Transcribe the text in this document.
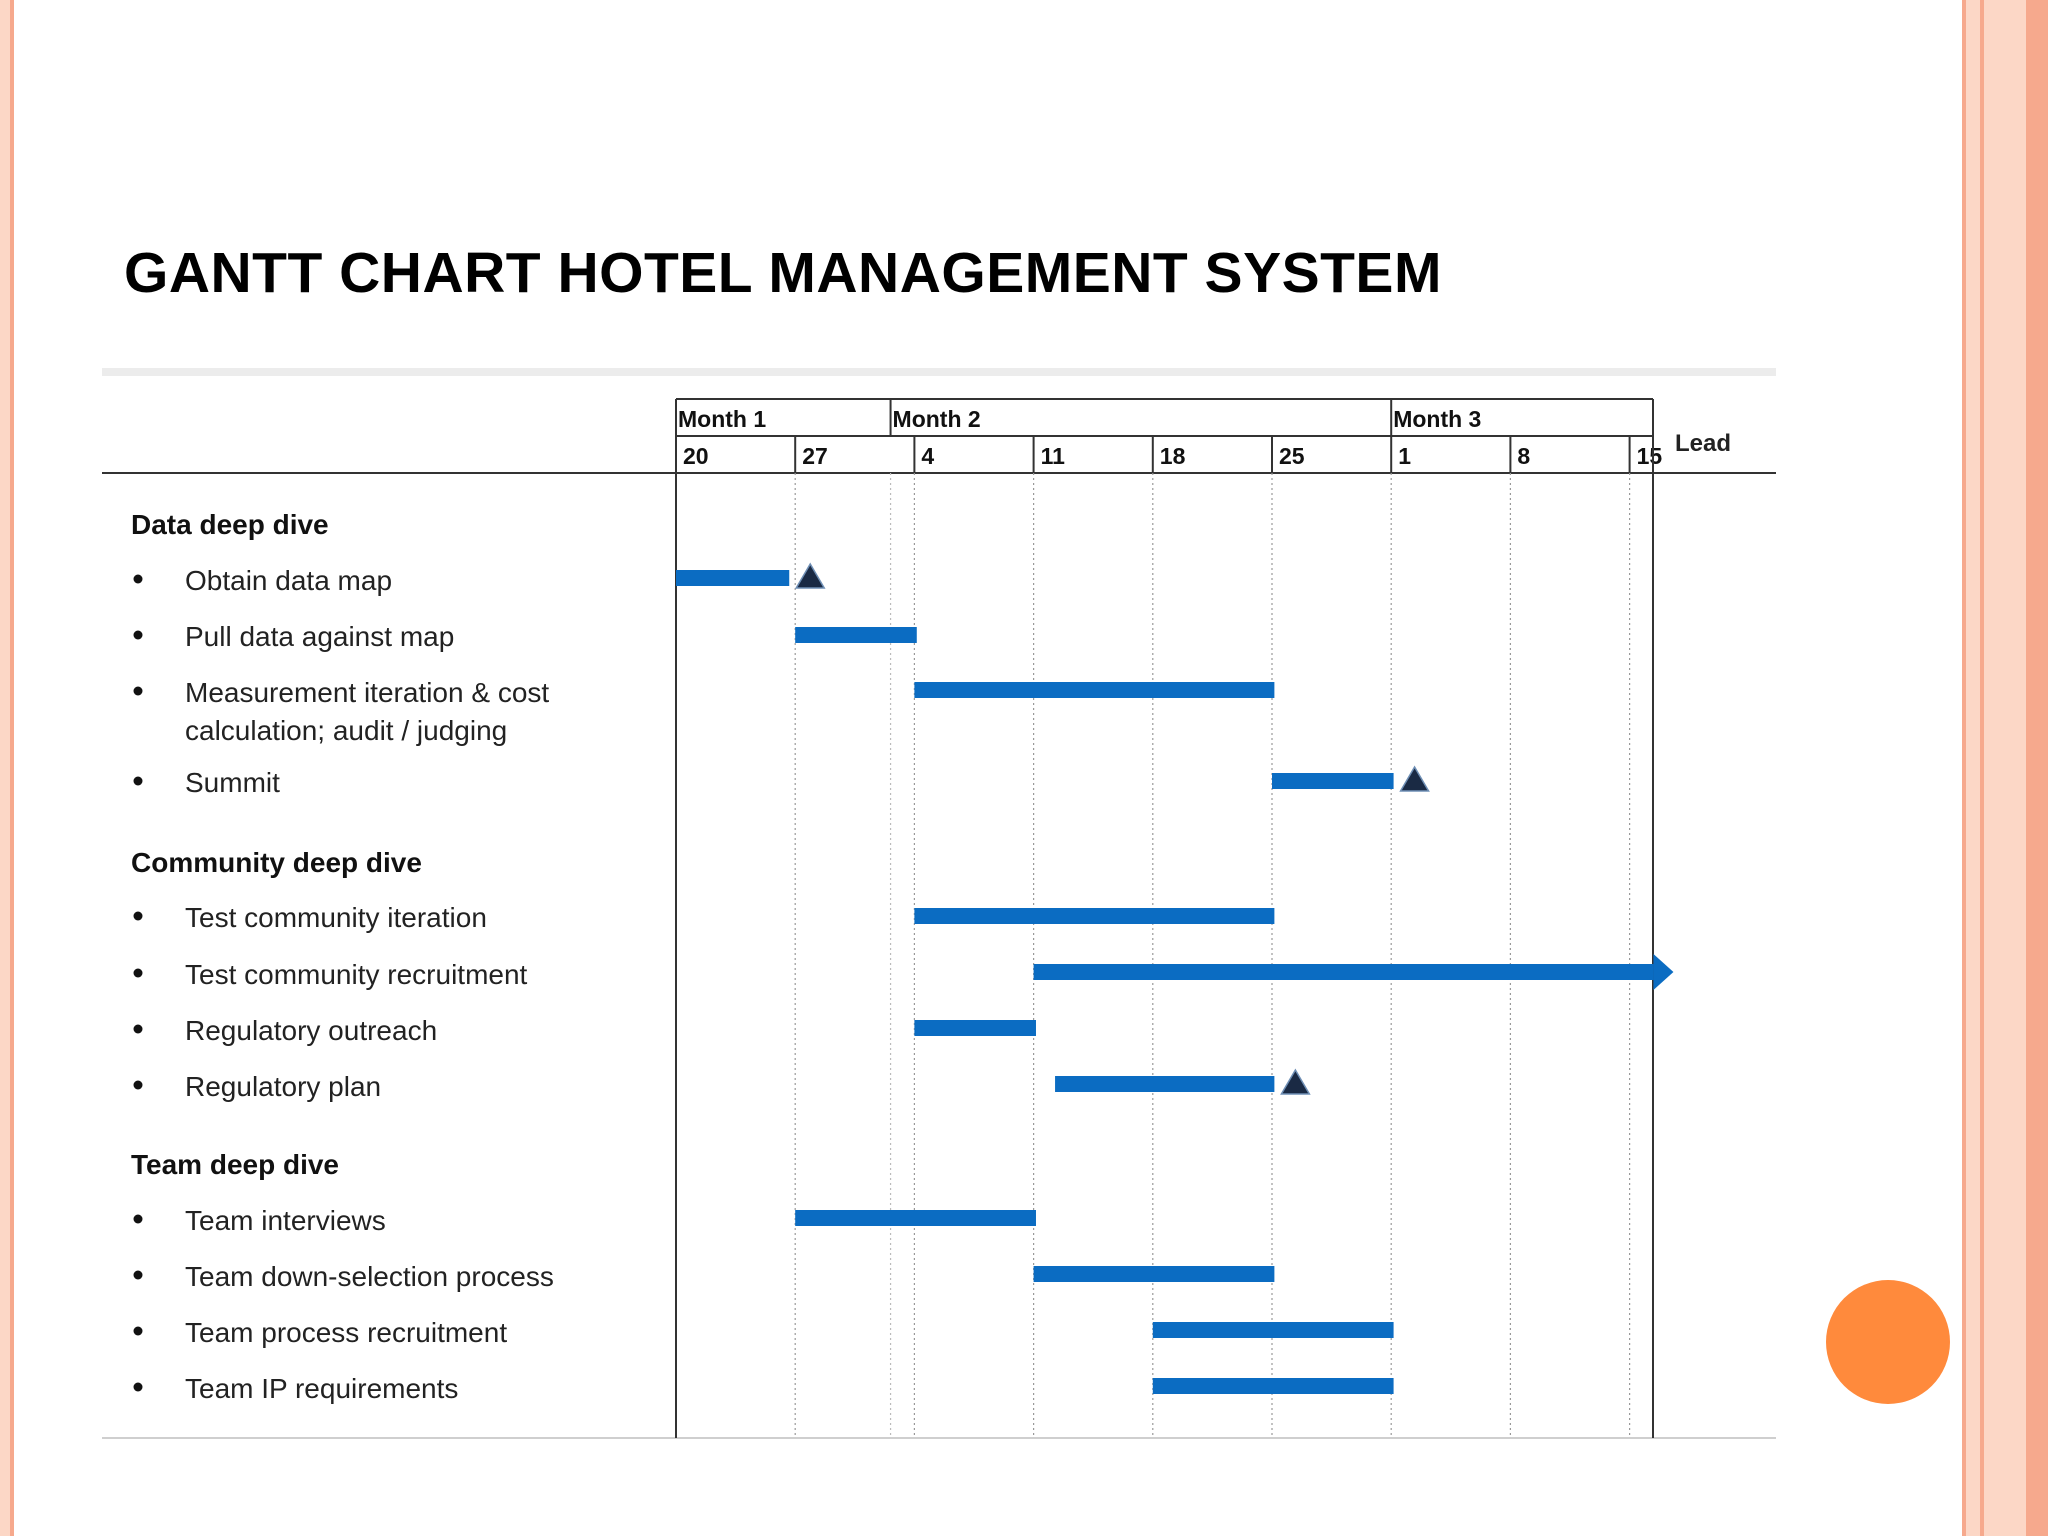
GANTT CHART HOTEL MANAGEMENT SYSTEM
Month 1	Month 2	Month 3
20	27	4	11	18	25	1	8	15 Lead
Data deep dive
Obtain data map
Pull data against map
Measurement iteration & cost
calculation; audit / judging
Summit
Community deep dive
Test community iteration
Test community recruitment
Regulatory outreach
Regulatory plan
Team deep dive
Team interviews
Team down-selection process
Team process recruitment
Team IP requirements
